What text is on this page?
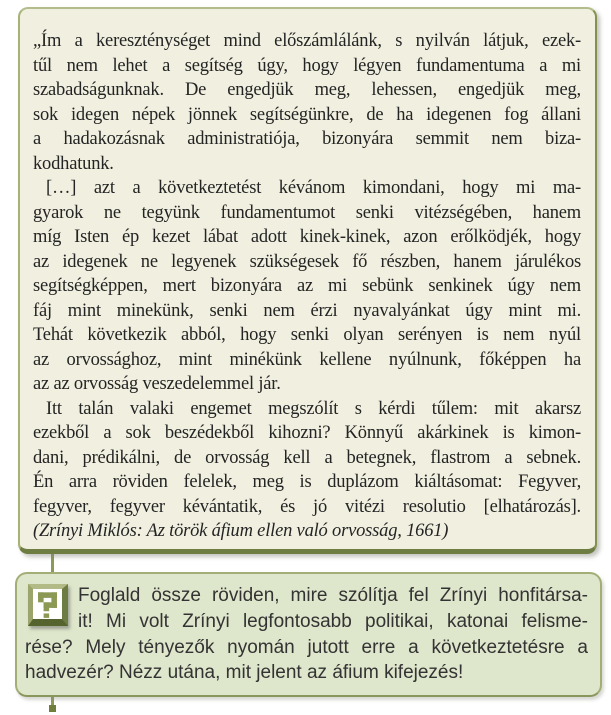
„Ím a kereszténységet mind előszámlálánk, s nyilván látjuk, ezek-
tűl nem lehet a segítség úgy, hogy légyen fundamentuma a mi
szabadságunknak. De engedjük meg, lehessen, engedjük meg,
sok idegen népek jönnek segítségünkre, de ha idegenen fog állani
a hadakozásnak administratiója, bizonyára semmit nem biza-
kodhatunk.
[…] azt a következtetést kévánom kimondani, hogy mi ma-
gyarok ne tegyünk fundamentumot senki vitézségében, hanem
míg Isten ép kezet lábat adott kinek-kinek, azon erőlködjék, hogy
az idegenek ne legyenek szükségesek fő részben, hanem járulékos
segítségképpen, mert bizonyára az mi sebünk senkinek úgy nem
fáj mint minekünk, senki nem érzi nyavalyánkat úgy mint mi.
Tehát következik abból, hogy senki olyan serényen is nem nyúl
az orvossághoz, mint minékünk kellene nyúlnunk, főképpen ha
az az orvosság veszedelemmel jár.
Itt talán valaki engemet megszólít s kérdi tűlem: mit akarsz
ezekből a sok beszédekből kihozni? Könnyű akárkinek is kimon-
dani, prédikálni, de orvosság kell a betegnek, flastrom a sebnek.
Én arra röviden felelek, meg is duplázom kiáltásomat: Fegyver,
fegyver, fegyver kévántatik, és jó vitézi resolutio [elhatározás].
(Zrínyi Miklós: Az török áfium ellen való orvosság, 1661)
Foglald össze röviden, mire szólítja fel Zrínyi honfitársa-
it! Mi volt Zrínyi legfontosabb politikai, katonai felisme-
rése? Mely tényezők nyomán jutott erre a következtetésre a
hadvezér? Nézz utána, mit jelent az áfium kifejezés!
